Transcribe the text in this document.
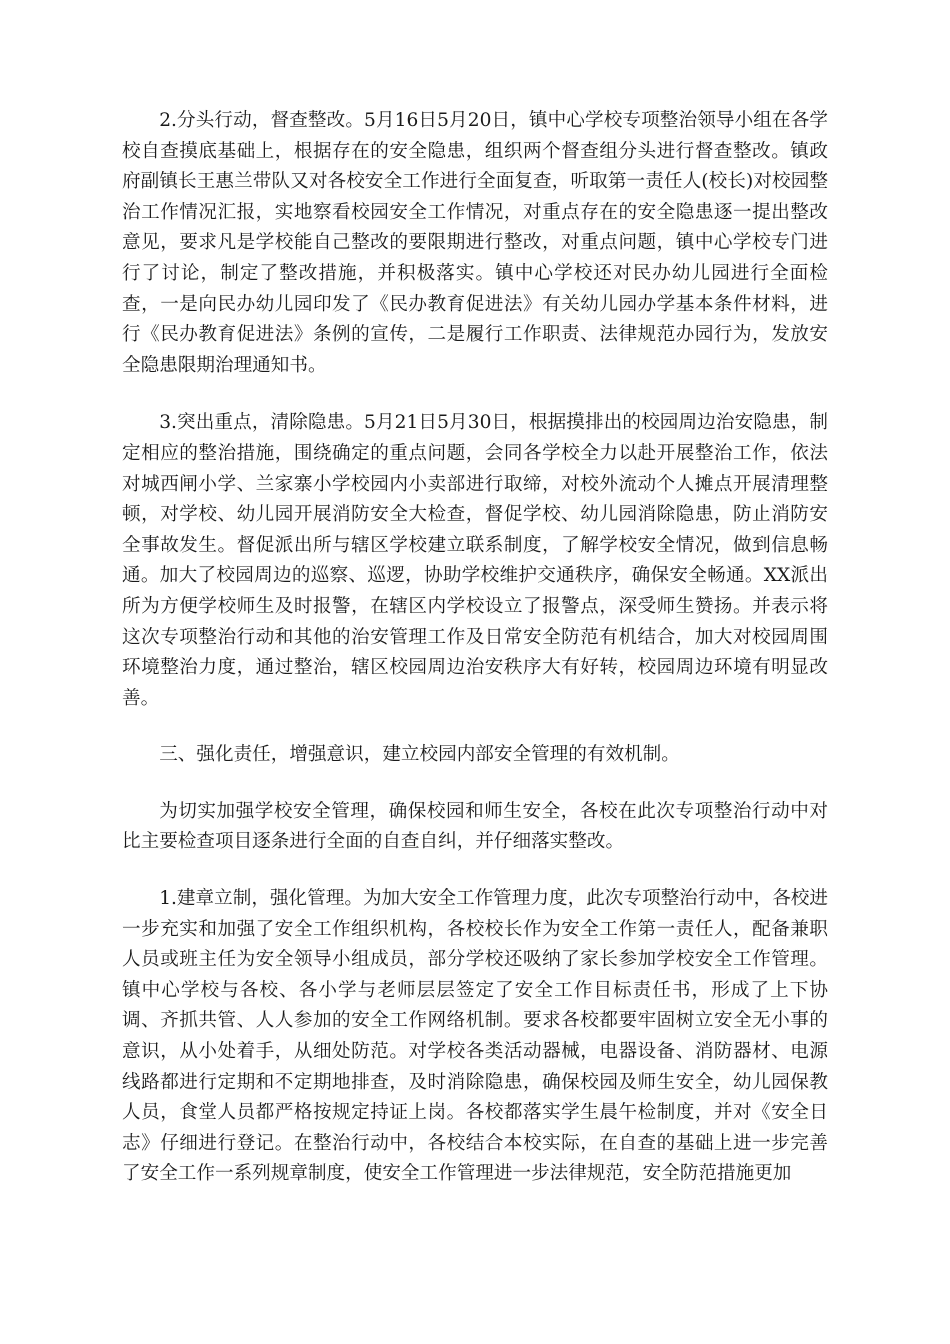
2.分头行动，督查整改。5月16日5月20日，镇中心学校专项整治领导小组在各学校自查摸底基础上，根据存在的安全隐患，组织两个督查组分头进行督查整改。镇政府副镇长王惠兰带队又对各校安全工作进行全面复查，听取第一责任人(校长)对校园整治工作情况汇报，实地察看校园安全工作情况，对重点存在的安全隐患逐一提出整改意见，要求凡是学校能自己整改的要限期进行整改，对重点问题，镇中心学校专门进行了讨论，制定了整改措施，并积极落实。镇中心学校还对民办幼儿园进行全面检查，一是向民办幼儿园印发了《民办教育促进法》有关幼儿园办学基本条件材料，进行《民办教育促进法》条例的宣传，二是履行工作职责、法律规范办园行为，发放安全隐患限期治理通知书。

3.突出重点，清除隐患。5月21日5月30日，根据摸排出的校园周边治安隐患，制定相应的整治措施，围绕确定的重点问题，会同各学校全力以赴开展整治工作，依法对城西闸小学、兰家寨小学校园内小卖部进行取缔，对校外流动个人摊点开展清理整顿，对学校、幼儿园开展消防安全大检查，督促学校、幼儿园消除隐患，防止消防安全事故发生。督促派出所与辖区学校建立联系制度，了解学校安全情况，做到信息畅通。加大了校园周边的巡察、巡逻，协助学校维护交通秩序，确保安全畅通。XX派出所为方便学校师生及时报警，在辖区内学校设立了报警点，深受师生赞扬。并表示将这次专项整治行动和其他的治安管理工作及日常安全防范有机结合，加大对校园周围环境整治力度，通过整治，辖区校园周边治安秩序大有好转，校园周边环境有明显改善。

三、强化责任，增强意识，建立校园内部安全管理的有效机制。

为切实加强学校安全管理，确保校园和师生安全，各校在此次专项整治行动中对比主要检查项目逐条进行全面的自查自纠，并仔细落实整改。

1.建章立制，强化管理。为加大安全工作管理力度，此次专项整治行动中，各校进一步充实和加强了安全工作组织机构，各校校长作为安全工作第一责任人，配备兼职人员或班主任为安全领导小组成员，部分学校还吸纳了家长参加学校安全工作管理。镇中心学校与各校、各小学与老师层层签定了安全工作目标责任书，形成了上下协调、齐抓共管、人人参加的安全工作网络机制。要求各校都要牢固树立安全无小事的意识，从小处着手，从细处防范。对学校各类活动器械，电器设备、消防器材、电源线路都进行定期和不定期地排查，及时消除隐患，确保校园及师生安全，幼儿园保教人员，食堂人员都严格按规定持证上岗。各校都落实学生晨午检制度，并对《安全日志》仔细进行登记。在整治行动中，各校结合本校实际，在自查的基础上进一步完善了安全工作一系列规章制度，使安全工作管理进一步法律规范，安全防范措施更加
